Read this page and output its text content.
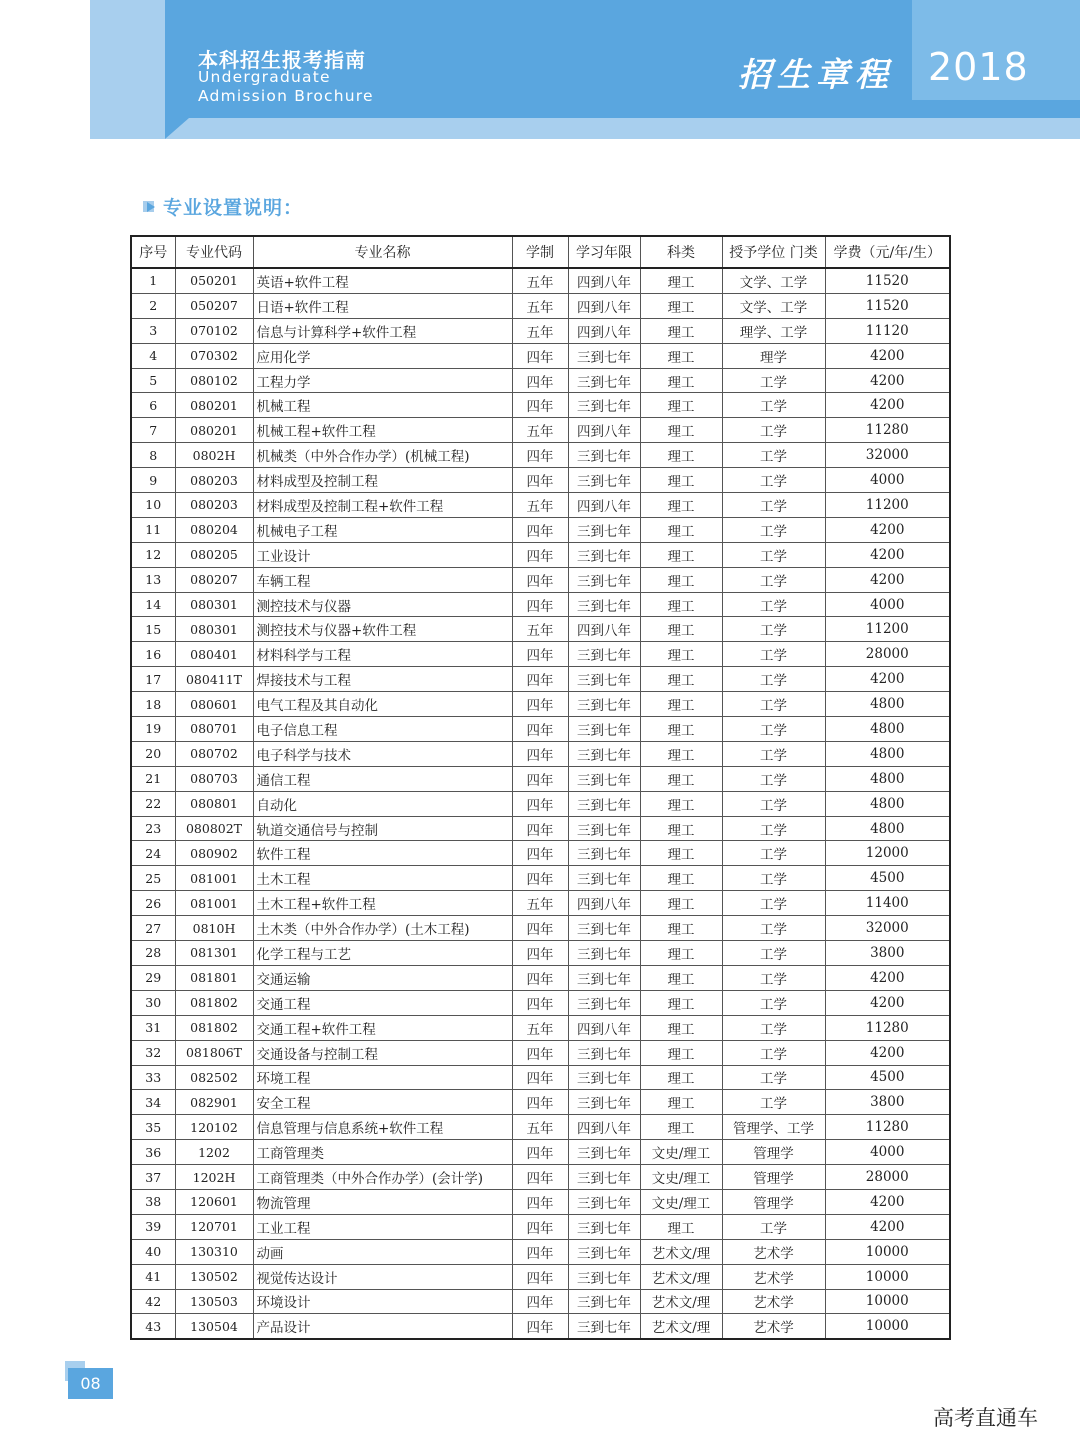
本科招生报考指南
Undergraduate
Admission Brochure
招生章程 2018
专业设置说明：
序号	专业代码	专业名称	学制	学习年限	科类	授予学位 门类	学费（元/年/生）
1	050201	英语+软件工程	五年	四到八年	理工	文学、工学	11520
2	050207	日语+软件工程	五年	四到八年	理工	文学、工学	11520
3	070102	信息与计算科学+软件工程	五年	四到八年	理工	理学、工学	11120
4	070302	应用化学	四年	三到七年	理工	理学	4200
5	080102	工程力学	四年	三到七年	理工	工学	4200
6	080201	机械工程	四年	三到七年	理工	工学	4200
7	080201	机械工程+软件工程	五年	四到八年	理工	工学	11280
8	0802H	机械类（中外合作办学）(机械工程)	四年	三到七年	理工	工学	32000
9	080203	材料成型及控制工程	四年	三到七年	理工	工学	4000
10	080203	材料成型及控制工程+软件工程	五年	四到八年	理工	工学	11200
11	080204	机械电子工程	四年	三到七年	理工	工学	4200
12	080205	工业设计	四年	三到七年	理工	工学	4200
13	080207	车辆工程	四年	三到七年	理工	工学	4200
14	080301	测控技术与仪器	四年	三到七年	理工	工学	4000
15	080301	测控技术与仪器+软件工程	五年	四到八年	理工	工学	11200
16	080401	材料科学与工程	四年	三到七年	理工	工学	28000
17	080411T	焊接技术与工程	四年	三到七年	理工	工学	4200
18	080601	电气工程及其自动化	四年	三到七年	理工	工学	4800
19	080701	电子信息工程	四年	三到七年	理工	工学	4800
20	080702	电子科学与技术	四年	三到七年	理工	工学	4800
21	080703	通信工程	四年	三到七年	理工	工学	4800
22	080801	自动化	四年	三到七年	理工	工学	4800
23	080802T	轨道交通信号与控制	四年	三到七年	理工	工学	4800
24	080902	软件工程	四年	三到七年	理工	工学	12000
25	081001	土木工程	四年	三到七年	理工	工学	4500
26	081001	土木工程+软件工程	五年	四到八年	理工	工学	11400
27	0810H	土木类（中外合作办学）(土木工程)	四年	三到七年	理工	工学	32000
28	081301	化学工程与工艺	四年	三到七年	理工	工学	3800
29	081801	交通运输	四年	三到七年	理工	工学	4200
30	081802	交通工程	四年	三到七年	理工	工学	4200
31	081802	交通工程+软件工程	五年	四到八年	理工	工学	11280
32	081806T	交通设备与控制工程	四年	三到七年	理工	工学	4200
33	082502	环境工程	四年	三到七年	理工	工学	4500
34	082901	安全工程	四年	三到七年	理工	工学	3800
35	120102	信息管理与信息系统+软件工程	五年	四到八年	理工	管理学、工学	11280
36	1202	工商管理类	四年	三到七年	文史/理工	管理学	4000
37	1202H	工商管理类（中外合作办学）(会计学)	四年	三到七年	文史/理工	管理学	28000
38	120601	物流管理	四年	三到七年	文史/理工	管理学	4200
39	120701	工业工程	四年	三到七年	理工	工学	4200
40	130310	动画	四年	三到七年	艺术文/理	艺术学	10000
41	130502	视觉传达设计	四年	三到七年	艺术文/理	艺术学	10000
42	130503	环境设计	四年	三到七年	艺术文/理	艺术学	10000
43	130504	产品设计	四年	三到七年	艺术文/理	艺术学	10000
08
高考直通车
